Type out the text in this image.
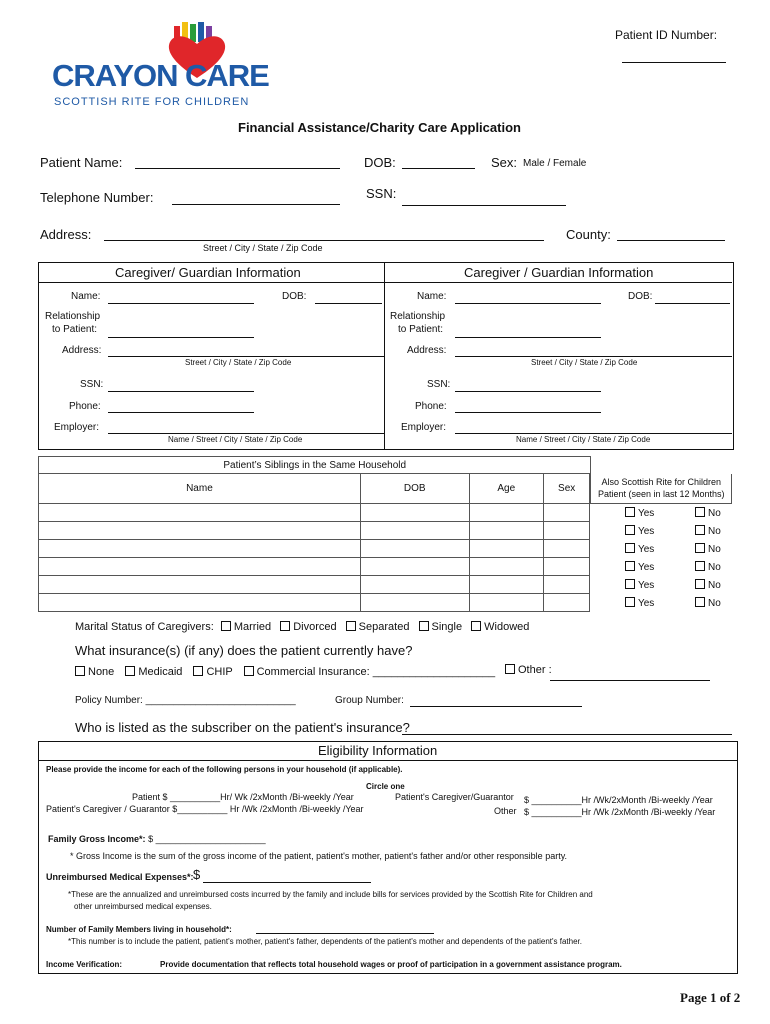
CRAYON CARE
SCOTTISH RITE FOR CHILDREN
Patient ID Number:
Financial Assistance/Charity Care Application
Patient Name:	DOB:	Sex: Male / Female
Telephone Number:	SSN:
Address:
Street / City / State / Zip Code
County:
Caregiver/ Guardian Information	Caregiver / Guardian Information
Name:	DOB:
Relationship
to Patient:
Address:
Street / City / State / Zip Code
SSN:
Phone:
Employer:
Name / Street / City / State / Zip Code
Name:	DOB:
Relationship
to Patient:
Address:
Street / City / State / Zip Code
SSN:
Phone:
Employer:
Name / Street / City / State / Zip Code
Patient’s Siblings in the Same Household				
Name	DOB	Age	Sex		Also Scottish Rite for Children
Patient (seen in last 12 Months)

					Yes No
					Yes No
					Yes No
					Yes No
					Yes No
					Yes No
Marital Status of Caregivers: Married Divorced Separated Single Widowed
What insurance(s) (if any) does the patient currently have?
None Medicaid CHIP Commercial Insurance: ____________________	Other :
Policy Number: ___________________________	Group Number:
Who is listed as the subscriber on the patient's insurance?
Eligibility Information
Please provide the income for each of the following persons in your household (if applicable).
Circle one
Patient $ __________Hr/ Wk /2xMonth /Bi-weekly /Year
Patient's Caregiver / Guarantor $__________ Hr /Wk /2xMonth /Bi-weekly /Year
Patient's Caregiver/Guarantor $ __________Hr /Wk/2xMonth /Bi-weekly /Year
Other $ __________Hr /Wk /2xMonth /Bi-weekly /Year
Family Gross Income*: $ ______________________
* Gross Income is the sum of the gross income of the patient, patient's mother, patient's father and/or other responsible party.
Unreimbursed Medical Expenses*: $
*These are the annualized and unreimbursed costs incurred by the family and include bills for services provided by the Scottish Rite for Children and
other unreimbursed medical expenses.
Number of Family Members living in household*:
*This number is to include the patient, patient's mother, patient's father, dependents of the patient's mother and dependents of the patient's father.
Income Verification:	Provide documentation that reflects total household wages or proof of participation in a government assistance program.
Page 1 of 2
